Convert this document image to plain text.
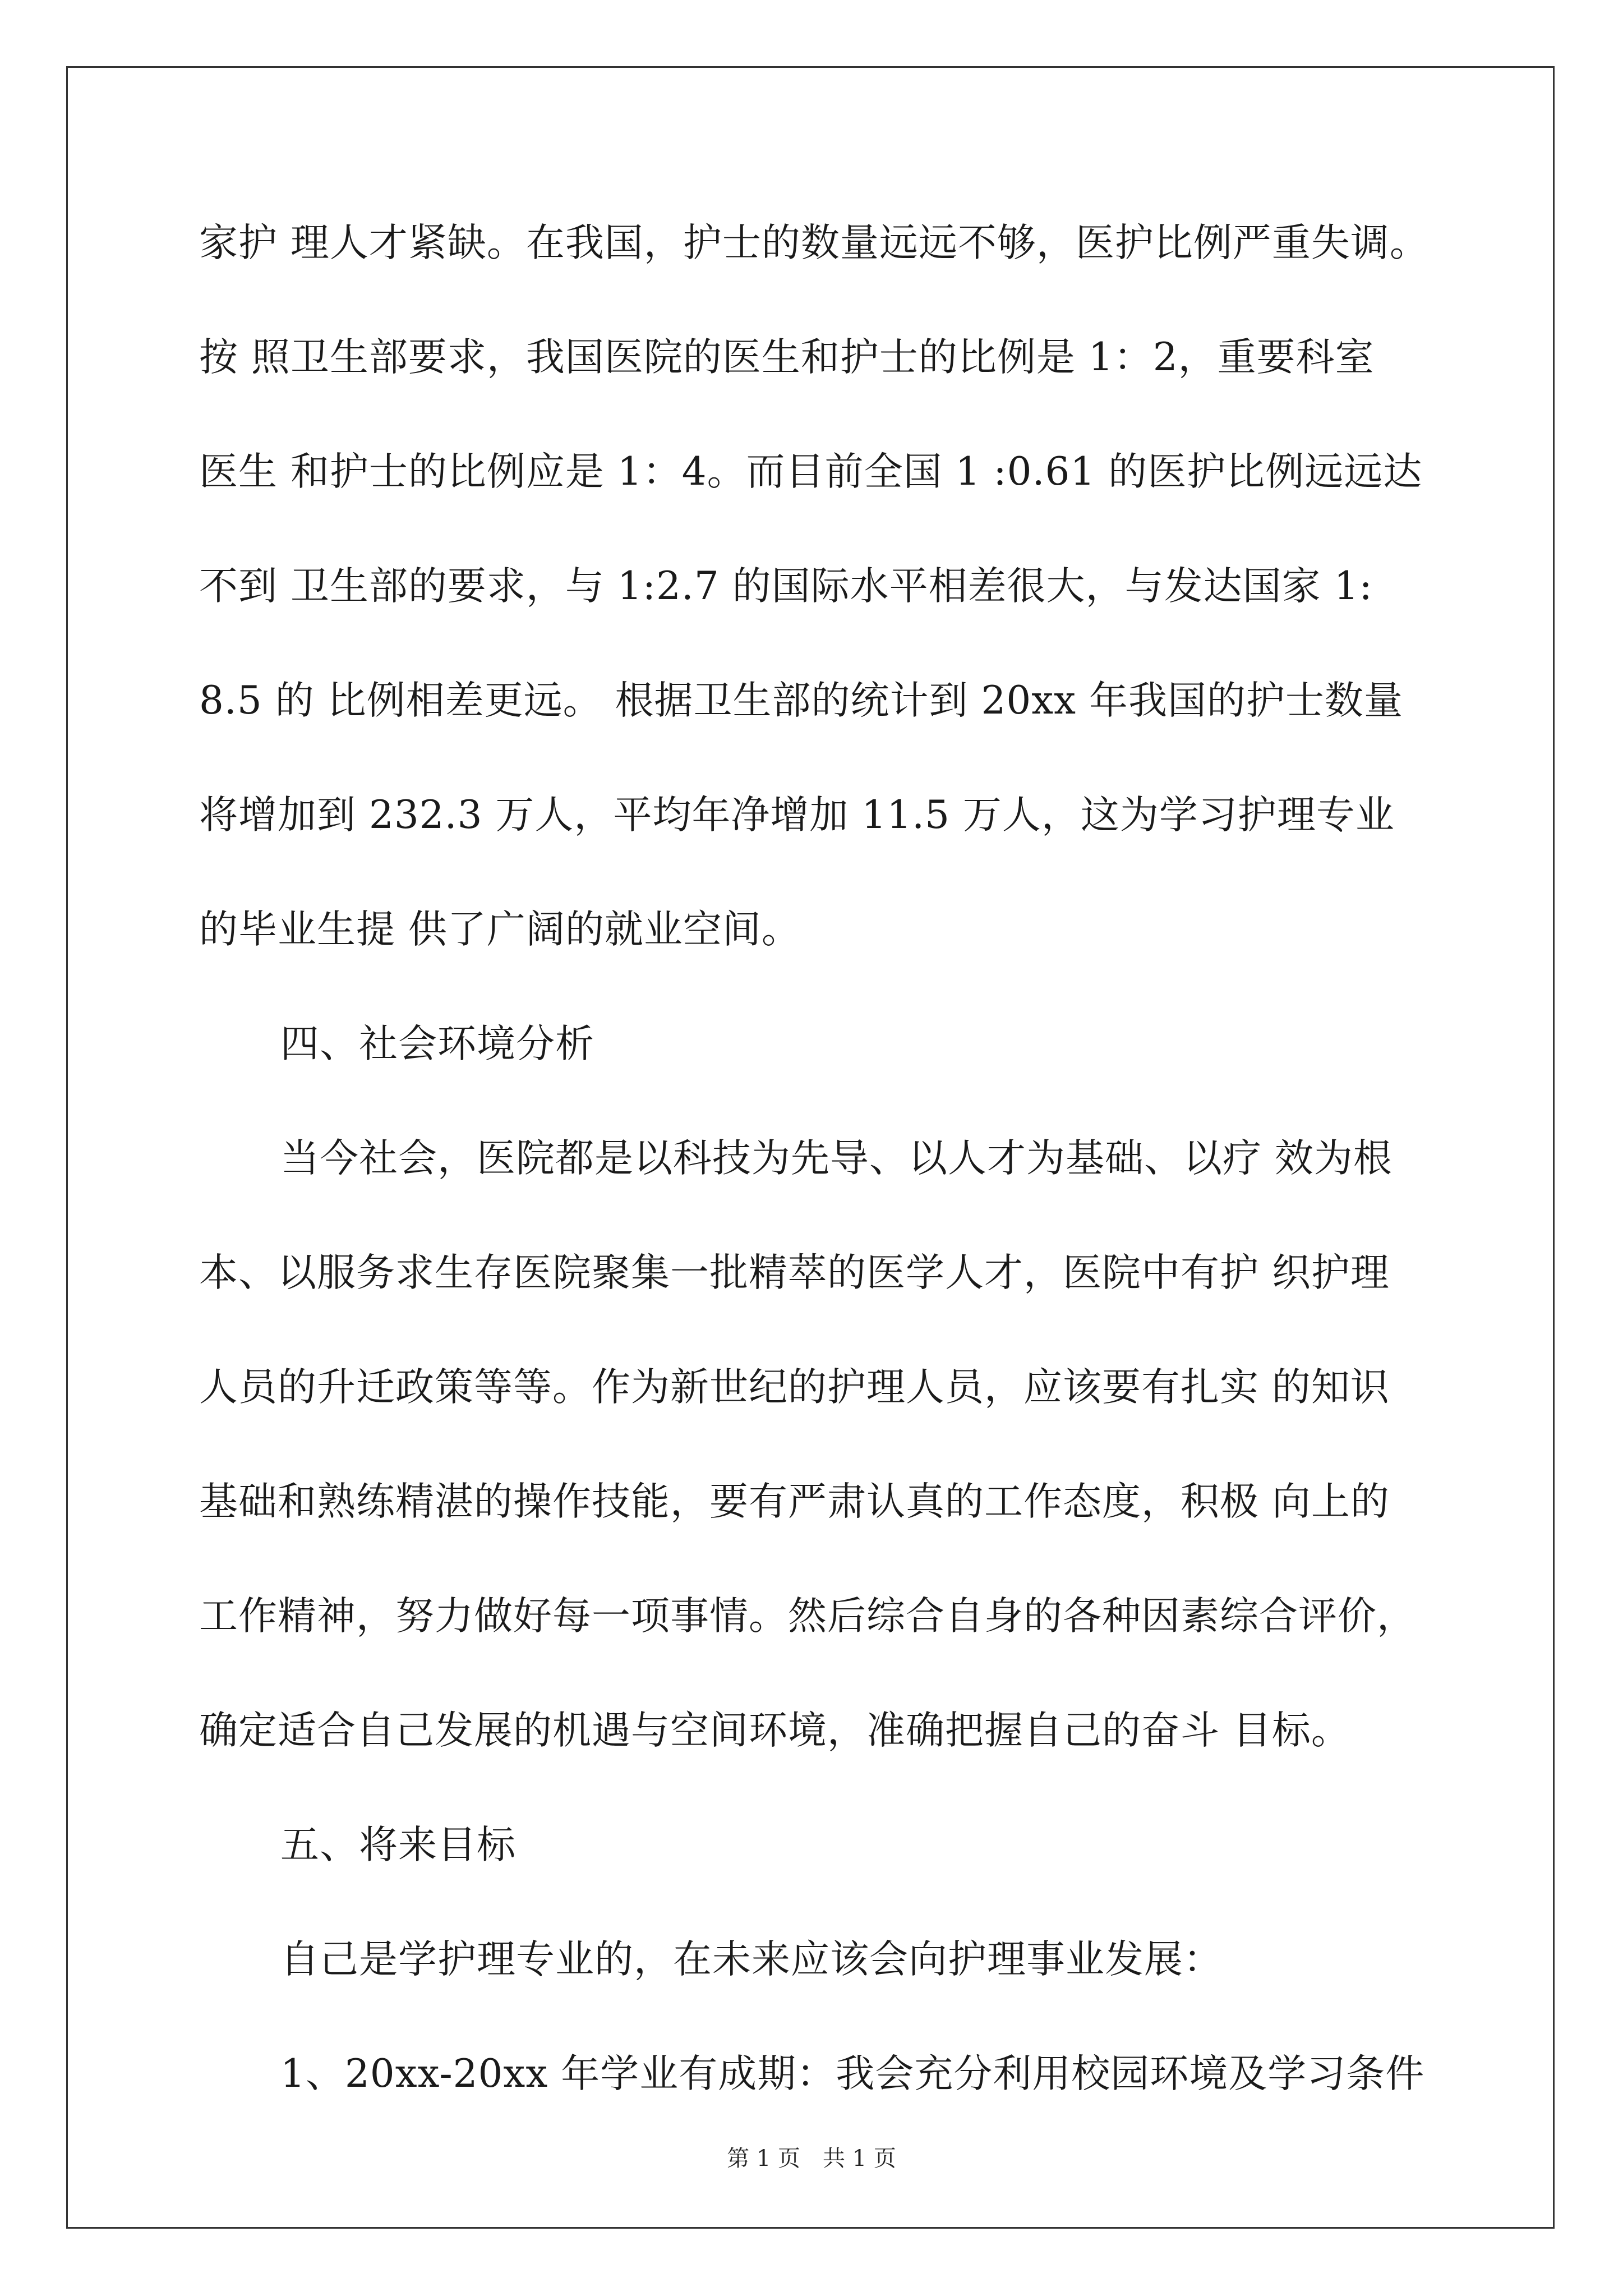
家护 理人才紧缺。在我国，护士的数量远远不够，医护比例严重失调。
按 照卫生部要求，我国医院的医生和护士的比例是 1：2，重要科室
医生 和护士的比例应是 1：4。而目前全国 1 :0.61 的医护比例远远达
不到 卫生部的要求，与 1:2.7 的国际水平相差很大，与发达国家 1:
8.5 的 比例相差更远。 根据卫生部的统计到 20xx 年我国的护士数量
将增加到 232.3 万人，平均年净增加 11.5 万人，这为学习护理专业
的毕业生提 供了广阔的就业空间。
四、社会环境分析
当今社会，医院都是以科技为先导、以人才为基础、以疗 效为根
本、以服务求生存医院聚集一批精萃的医学人才，医院中有护 织护理
人员的升迁政策等等。作为新世纪的护理人员，应该要有扎实 的知识
基础和熟练精湛的操作技能，要有严肃认真的工作态度，积极 向上的
工作精神，努力做好每一项事情。然后综合自身的各种因素综合评价，
确定适合自己发展的机遇与空间环境，准确把握自己的奋斗 目标。
五、将来目标
自己是学护理专业的，在未来应该会向护理事业发展：
1、20xx-20xx 年学业有成期：我会充分利用校园环境及学习条件
第 1 页　共 1 页
